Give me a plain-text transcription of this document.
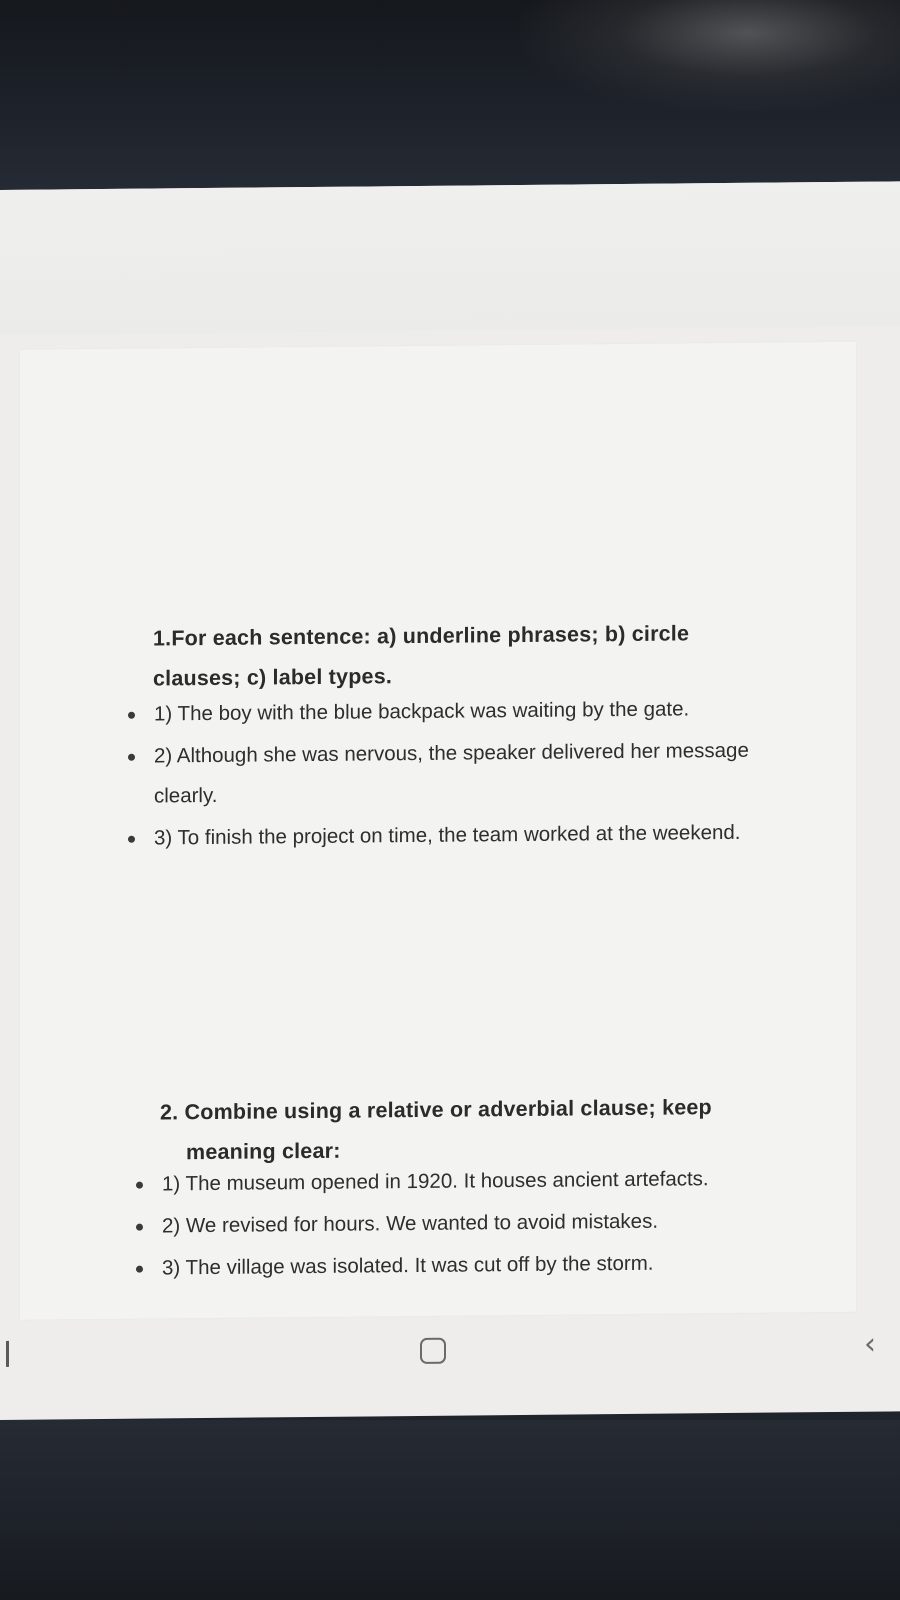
1.For each sentence: a) underline phrases; b) circle clauses; c) label types.

1) The boy with the blue backpack was waiting by the gate.
2) Although she was nervous, the speaker delivered her message clearly.
3) To finish the project on time, the team worked at the weekend.

2. Combine using a relative or adverbial clause; keep
meaning clear:

1) The museum opened in 1920. It houses ancient artefacts.
2) We revised for hours. We wanted to avoid mistakes.
3) The village was isolated. It was cut off by the storm.
‹
